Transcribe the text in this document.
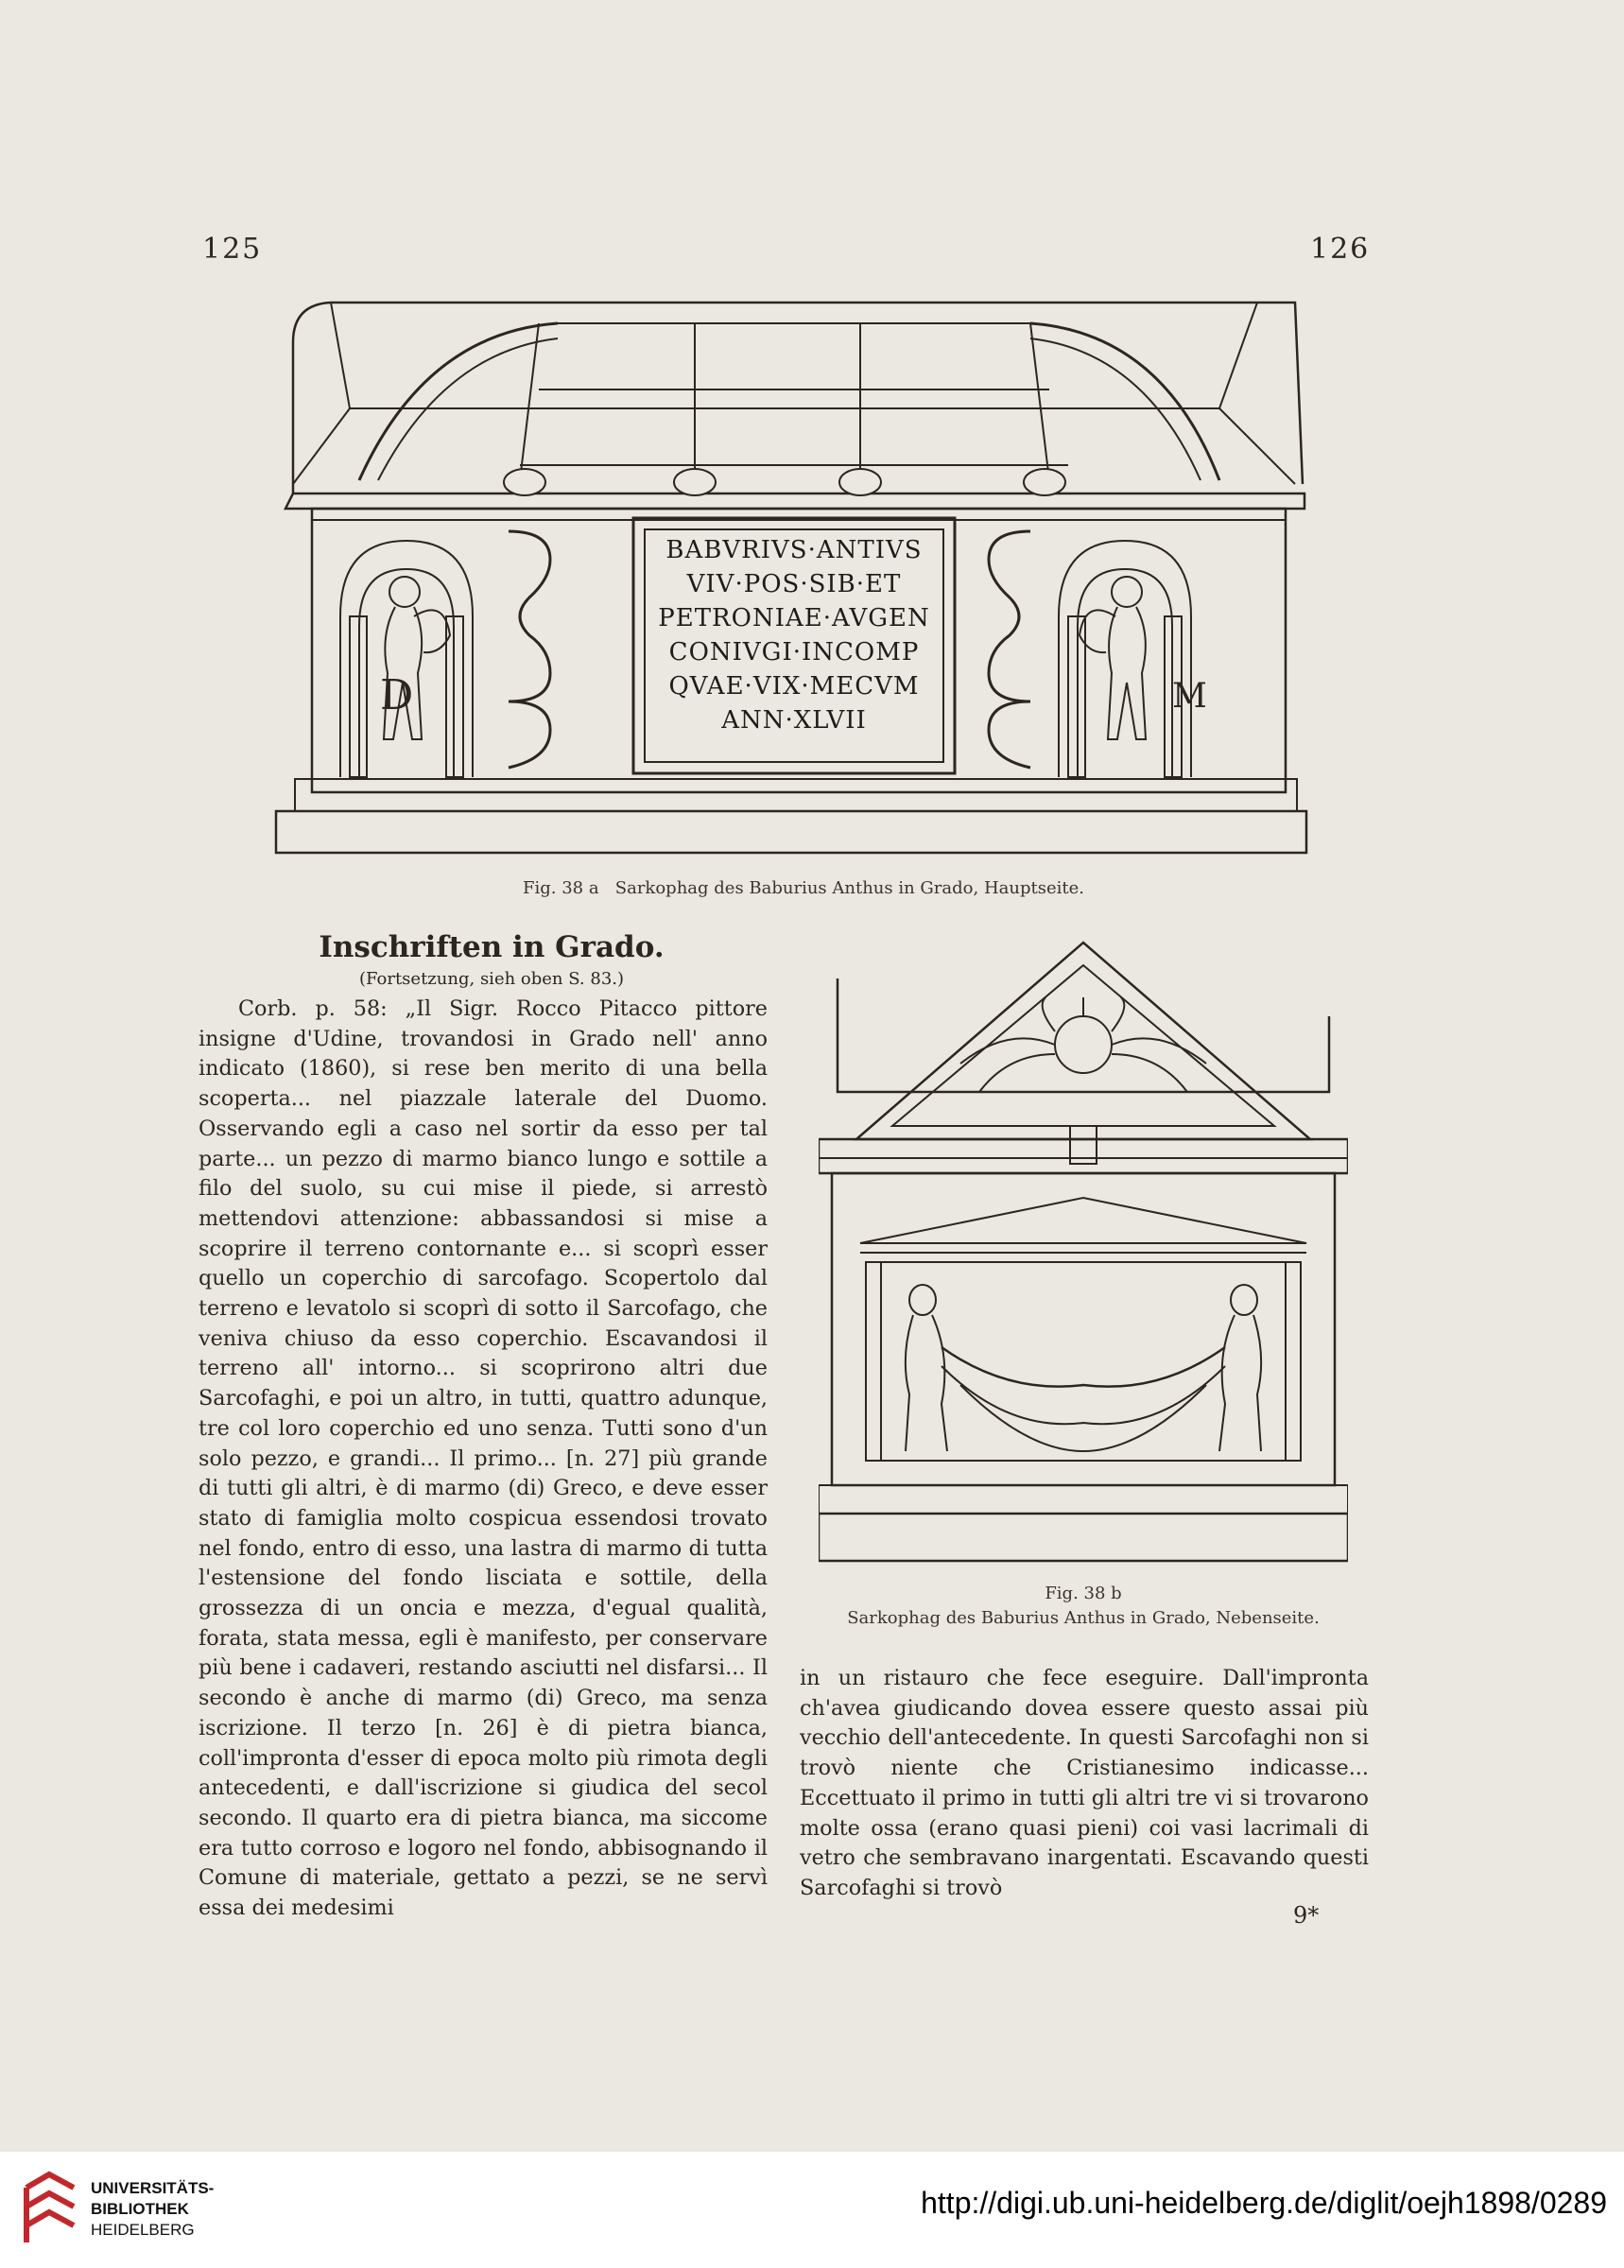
125	126
BABVRIVS·ANTIVS
VIV·POS·SIB·ET
PETRONIAE·AVGEN
CONIVGI·INCOMP
QVAE·VIX·MECVM
ANN·XLVII
D	M
Fig. 38 a Sarkophag des Baburius Anthus in Grado, Hauptseite.
Inschriften in Grado.
(Fortsetzung, sieh oben S. 83.)

Corb. p. 58: „Il Sigr. Rocco Pitacco pittore insigne d'Udine, trovandosi in Grado nell' anno indicato (1860), si rese ben merito di una bella scoperta... nel piazzale laterale del Duomo. Osservando egli a caso nel sortir da esso per tal parte... un pezzo di marmo bianco lungo e sottile a filo del suolo, su cui mise il piede, si arrestò mettendovi attenzione: abbassandosi si mise a scoprire il terreno contornante e... si scoprì esser quello un coperchio di sarcofago. Scopertolo dal terreno e levatolo si scoprì di sotto il Sarcofago, che veniva chiuso da esso coperchio. Escavandosi il terreno all' intorno... si scoprirono altri due Sarcofaghi, e poi un altro, in tutti, quattro adunque, tre col loro coperchio ed uno senza. Tutti sono d'un solo pezzo, e grandi... Il primo... [n. 27] più grande di tutti gli altri, è di marmo (di) Greco, e deve esser stato di famiglia molto cospicua essendosi trovato nel fondo, entro di esso, una lastra di marmo di tutta l'estensione del fondo lisciata e sottile, della grossezza di un oncia e mezza, d'egual qualità, forata, stata messa, egli è manifesto, per conservare più bene i cadaveri, restando asciutti nel disfarsi... Il secondo è anche di marmo (di) Greco, ma senza iscrizione. Il terzo [n. 26] è di pietra bianca, coll'impronta d'esser di epoca molto più rimota degli antecedenti, e dall'iscrizione si giudica del secol secondo. Il quarto era di pietra bianca, ma siccome era tutto corroso e logoro nel fondo, abbisognando il Comune di materiale, gettato a pezzi, se ne servì essa dei medesimi

Fig. 38 b
Sarkophag des Baburius Anthus in Grado, Nebenseite.

in un ristauro che fece eseguire. Dall'impronta ch'avea giudicando dovea essere questo assai più vecchio dell'antecedente. In questi Sarcofaghi non si trovò niente che Cristianesimo indicasse... Eccettuato il primo in tutti gli altri tre vi si trovarono molte ossa (erano quasi pieni) coi vasi lacrimali di vetro che sembravano inargentati. Escavando questi Sarcofaghi si trovò

9*
UNIVERSITÄTS-
BIBLIOTHEK
HEIDELBERG
http://digi.ub.uni-heidelberg.de/diglit/oejh1898/0289
